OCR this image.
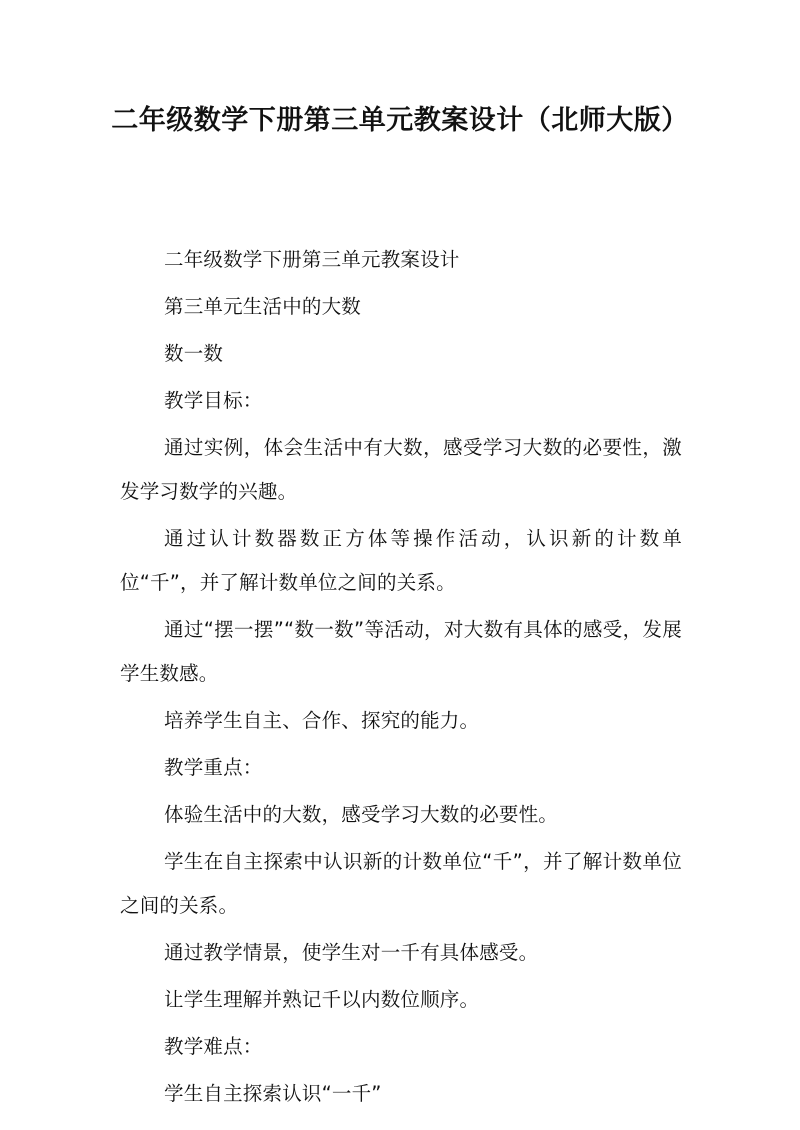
二年级数学下册第三单元教案设计（北师大版）

二年级数学下册第三单元教案设计

第三单元生活中的大数

数一数

教学目标：

通过实例，体会生活中有大数，感受学习大数的必要性，激发学习数学的兴趣。

通过认计数器数正方体等操作活动，认识新的计数单位“千”，并了解计数单位之间的关系。

通过“摆一摆”“数一数”等活动，对大数有具体的感受，发展学生数感。

培养学生自主、合作、探究的能力。

教学重点：

体验生活中的大数，感受学习大数的必要性。

学生在自主探索中认识新的计数单位“千”，并了解计数单位之间的关系。

通过教学情景，使学生对一千有具体感受。

让学生理解并熟记千以内数位顺序。

教学难点：

学生自主探索认识“一千”
